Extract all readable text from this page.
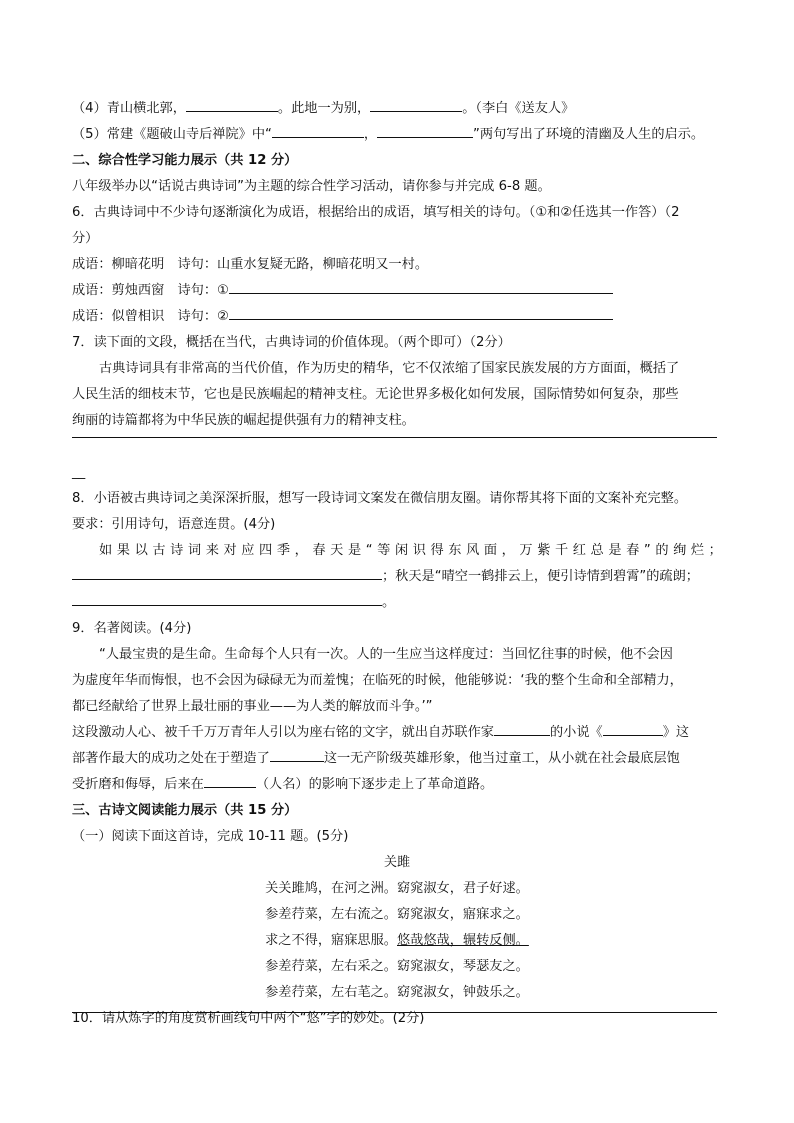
（4）青山横北郭，	。此地一为别，	。（李白《送友人》
（5）常建《题破山寺后禅院》中“	，	”两句写出了环境的清幽及人生的启示。
二、综合性学习能力展示（共 12 分）
八年级举办以“话说古典诗词”为主题的综合性学习活动，请你参与并完成 6-8 题。
6．古典诗词中不少诗句逐渐演化为成语，根据给出的成语，填写相关的诗句。（①和②任选其一作答）（2
分）
成语：柳暗花明　诗句：山重水复疑无路，柳暗花明又一村。
成语：剪烛西窗　诗句：①
成语：似曾相识　诗句：②
7．读下面的文段，概括在当代，古典诗词的价值体现。（两个即可）（2分）
古典诗词具有非常高的当代价值，作为历史的精华，它不仅浓缩了国家民族发展的方方面面，概括了
人民生活的细枝末节，它也是民族崛起的精神支柱。无论世界多极化如何发展，国际情势如何复杂，那些
绚丽的诗篇都将为中华民族的崛起提供强有力的精神支柱。
__
8．小语被古典诗词之美深深折服，想写一段诗词文案发在微信朋友圈。请你帮其将下面的文案补充完整。
要求：引用诗句，语意连贯。(4分)
如 果 以 古 诗 词 来 对 应 四 季 ， 春 天 是 “ 等 闲 识 得 东 风 面 ， 万 紫 千 红 总 是 春 ” 的 绚 烂 ；
；秋天是“晴空一鹤排云上，便引诗情到碧霄”的疏朗；
。
9．名著阅读。(4分)
“人最宝贵的是生命。生命每个人只有一次。人的一生应当这样度过：当回忆往事的时候，他不会因
为虚度年华而悔恨，也不会因为碌碌无为而羞愧；在临死的时候，他能够说：‘我的整个生命和全部精力，
都已经献给了世界上最壮丽的事业——为人类的解放而斗争。’”
这段激动人心、被千千万万青年人引以为座右铭的文字，就出自苏联作家	的小说《	》这
部著作最大的成功之处在于塑造了	这一无产阶级英雄形象，他当过童工，从小就在社会最底层饱
受折磨和侮辱，后来在	（人名）的影响下逐步走上了革命道路。
三、古诗文阅读能力展示（共 15 分）
（一）阅读下面这首诗，完成 10-11 题。(5分)
关雎
关关雎鸠，在河之洲。窈窕淑女，君子好逑。
参差荇菜，左右流之。窈窕淑女，寤寐求之。
求之不得，寤寐思服。悠哉悠哉，辗转反侧。
参差荇菜，左右采之。窈窕淑女，琴瑟友之。
参差荇菜，左右芼之。窈窕淑女，钟鼓乐之。
10．请从炼字的角度赏析画线句中两个“悠”字的妙处。(2分)
